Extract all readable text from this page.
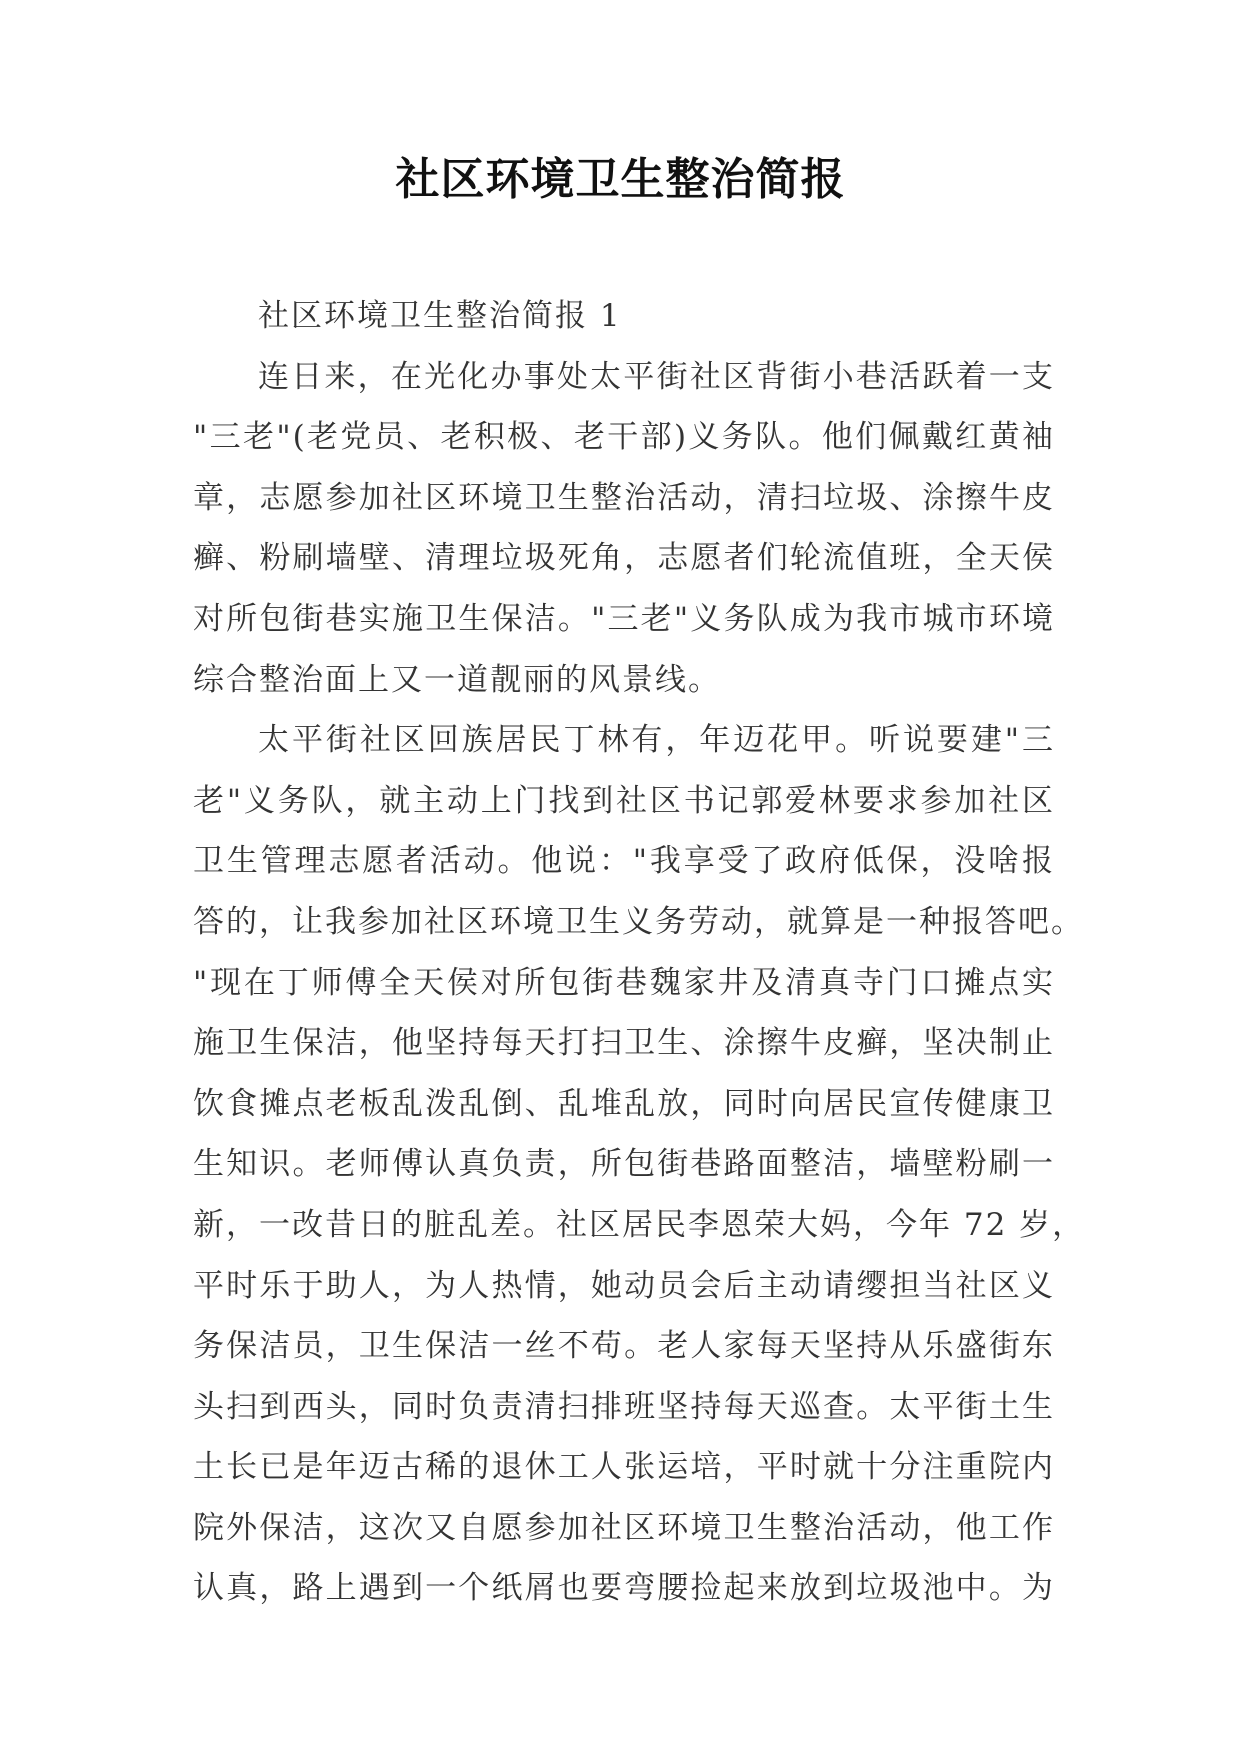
社区环境卫生整治简报
社区环境卫生整治简报 1
连日来，在光化办事处太平街社区背街小巷活跃着一支
"三老"(老党员、老积极、老干部)义务队。他们佩戴红黄袖
章，志愿参加社区环境卫生整治活动，清扫垃圾、涂擦牛皮
癣、粉刷墙壁、清理垃圾死角，志愿者们轮流值班，全天侯
对所包街巷实施卫生保洁。"三老"义务队成为我市城市环境
综合整治面上又一道靓丽的风景线。
太平街社区回族居民丁林有，年迈花甲。听说要建"三
老"义务队，就主动上门找到社区书记郭爱林要求参加社区
卫生管理志愿者活动。他说："我享受了政府低保，没啥报
答的，让我参加社区环境卫生义务劳动，就算是一种报答吧。
"现在丁师傅全天侯对所包街巷魏家井及清真寺门口摊点实
施卫生保洁，他坚持每天打扫卫生、涂擦牛皮癣，坚决制止
饮食摊点老板乱泼乱倒、乱堆乱放，同时向居民宣传健康卫
生知识。老师傅认真负责，所包街巷路面整洁，墙壁粉刷一
新，一改昔日的脏乱差。社区居民李恩荣大妈，今年 72 岁，
平时乐于助人，为人热情，她动员会后主动请缨担当社区义
务保洁员，卫生保洁一丝不苟。老人家每天坚持从乐盛街东
头扫到西头，同时负责清扫排班坚持每天巡查。太平街土生
土长已是年迈古稀的退休工人张运培，平时就十分注重院内
院外保洁，这次又自愿参加社区环境卫生整治活动，他工作
认真，路上遇到一个纸屑也要弯腰捡起来放到垃圾池中。为
